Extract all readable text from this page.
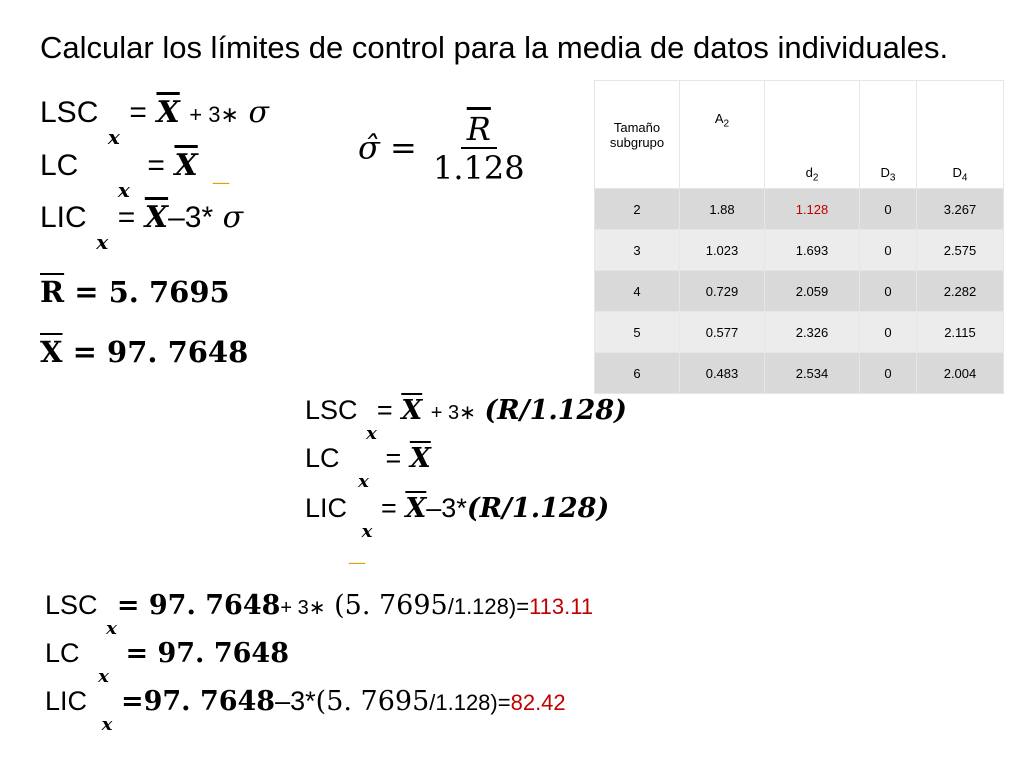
Calcular los límites de control para la media de datos individuales.
LSC $x = \overline{X}$ + 3∗ σ
LC $x = \overline{X}$
LIC $x = \overline{X}-3*$ σ
σ̂ = $\frac{\overline{R}}{1.128}$
—
$\overline{R} = 5$. 7695
$\overline{X} = 97$. 7648
LSC $x= \overline{X}$ + 3∗ (R/1.128)
LC $x = \overline{X}$
LIC $x = \overline{X}-3*(R/1.128)$
—
LSC x= 97. 7648+ 3∗ (5. 7695/1.128)=113.11
LC x = 97. 7648
LIC x =97. 7648–3*(5. 7695/1.128)=82.42
Tamaño subgrupo	$A_2$	$d_2$	$D_3$	$D_4$
2	1.88	1.128	0	3.267
3	1.023	1.693	0	2.575
4	0.729	2.059	0	2.282
5	0.577	2.326	0	2.115
6	0.483	2.534	0	2.004
